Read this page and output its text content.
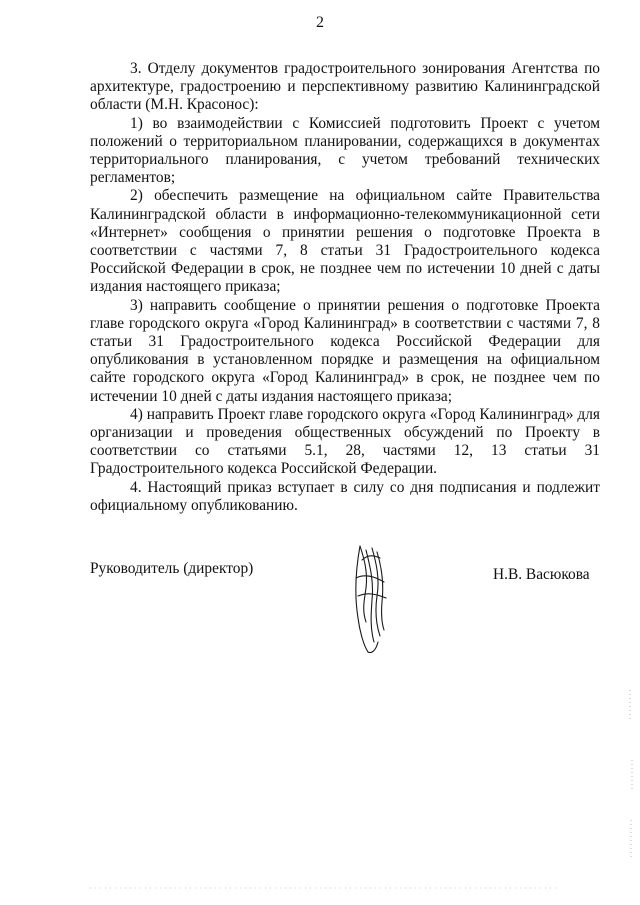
2

3. Отделу документов градостроительного зонирования Агентства по архитектуре, градостроению и перспективному развитию Калининградской области (М.Н. Красонос):

1) во взаимодействии с Комиссией подготовить Проект с учетом положений о территориальном планировании, содержащихся в документах территориального планирования, с учетом требований технических регламентов;

2) обеспечить размещение на официальном сайте Правительства Калининградской области в информационно-телекоммуникационной сети «Интернет» сообщения о принятии решения о подготовке Проекта в соответствии с частями 7, 8 статьи 31 Градостроительного кодекса Российской Федерации в срок, не позднее чем по истечении 10 дней с даты издания настоящего приказа;

3) направить сообщение о принятии решения о подготовке Проекта главе городского округа «Город Калининград» в соответствии с частями 7, 8 статьи 31 Градостроительного кодекса Российской Федерации для опубликования в установленном порядке и размещения на официальном сайте городского округа «Город Калининград» в срок, не позднее чем по истечении 10 дней с даты издания настоящего приказа;

4) направить Проект главе городского округа «Город Калининград» для организации и проведения общественных обсуждений по Проекту в соответствии со статьями 5.1, 28, частями 12, 13 статьи 31 Градостроительного кодекса Российской Федерации.

4. Настоящий приказ вступает в силу со дня подписания и подлежит официальному опубликованию.

Руководитель (директор)	Н.В. Васюкова
